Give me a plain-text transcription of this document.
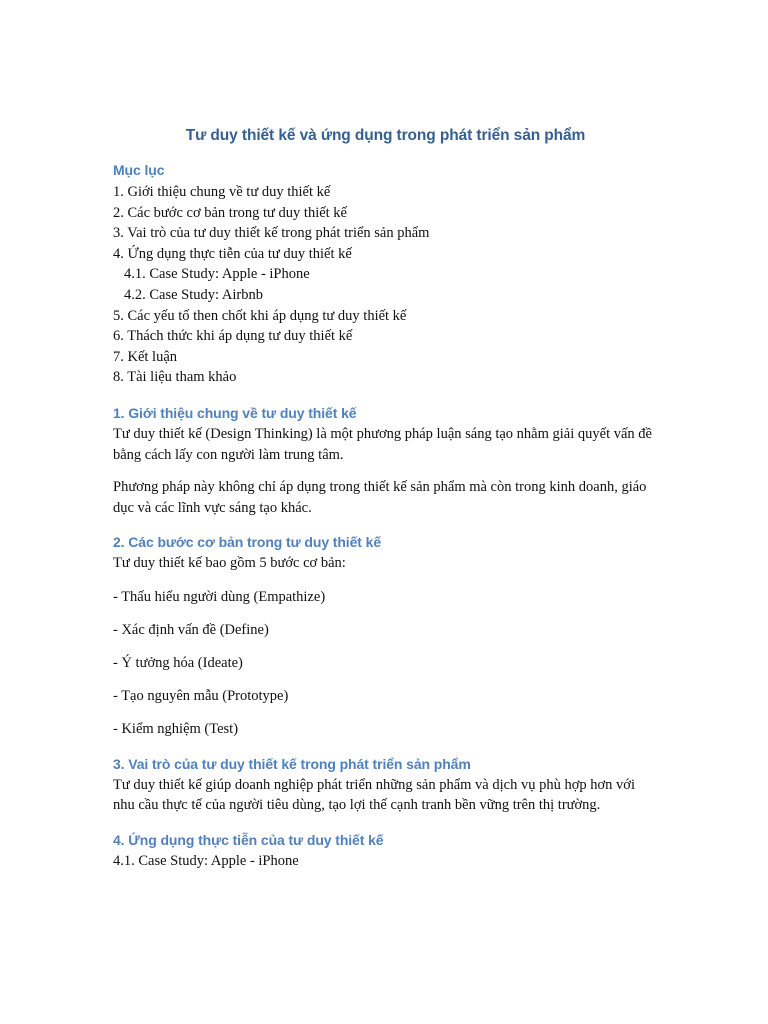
Tư duy thiết kế và ứng dụng trong phát triển sản phẩm
Mục lục
1. Giới thiệu chung về tư duy thiết kế
2. Các bước cơ bản trong tư duy thiết kế
3. Vai trò của tư duy thiết kế trong phát triển sản phẩm
4. Ứng dụng thực tiễn của tư duy thiết kế
4.1. Case Study: Apple - iPhone
4.2. Case Study: Airbnb
5. Các yếu tố then chốt khi áp dụng tư duy thiết kế
6. Thách thức khi áp dụng tư duy thiết kế
7. Kết luận
8. Tài liệu tham khảo
1. Giới thiệu chung về tư duy thiết kế

Tư duy thiết kế (Design Thinking) là một phương pháp luận sáng tạo nhằm giải quyết vấn đề bằng cách lấy con người làm trung tâm.

Phương pháp này không chỉ áp dụng trong thiết kế sản phẩm mà còn trong kinh doanh, giáo dục và các lĩnh vực sáng tạo khác.

2. Các bước cơ bản trong tư duy thiết kế

Tư duy thiết kế bao gồm 5 bước cơ bản:

- Thấu hiểu người dùng (Empathize)
- Xác định vấn đề (Define)
- Ý tưởng hóa (Ideate)
- Tạo nguyên mẫu (Prototype)
- Kiểm nghiệm (Test)
3. Vai trò của tư duy thiết kế trong phát triển sản phẩm

Tư duy thiết kế giúp doanh nghiệp phát triển những sản phẩm và dịch vụ phù hợp hơn với nhu cầu thực tế của người tiêu dùng, tạo lợi thế cạnh tranh bền vững trên thị trường.

4. Ứng dụng thực tiễn của tư duy thiết kế

4.1. Case Study: Apple - iPhone
